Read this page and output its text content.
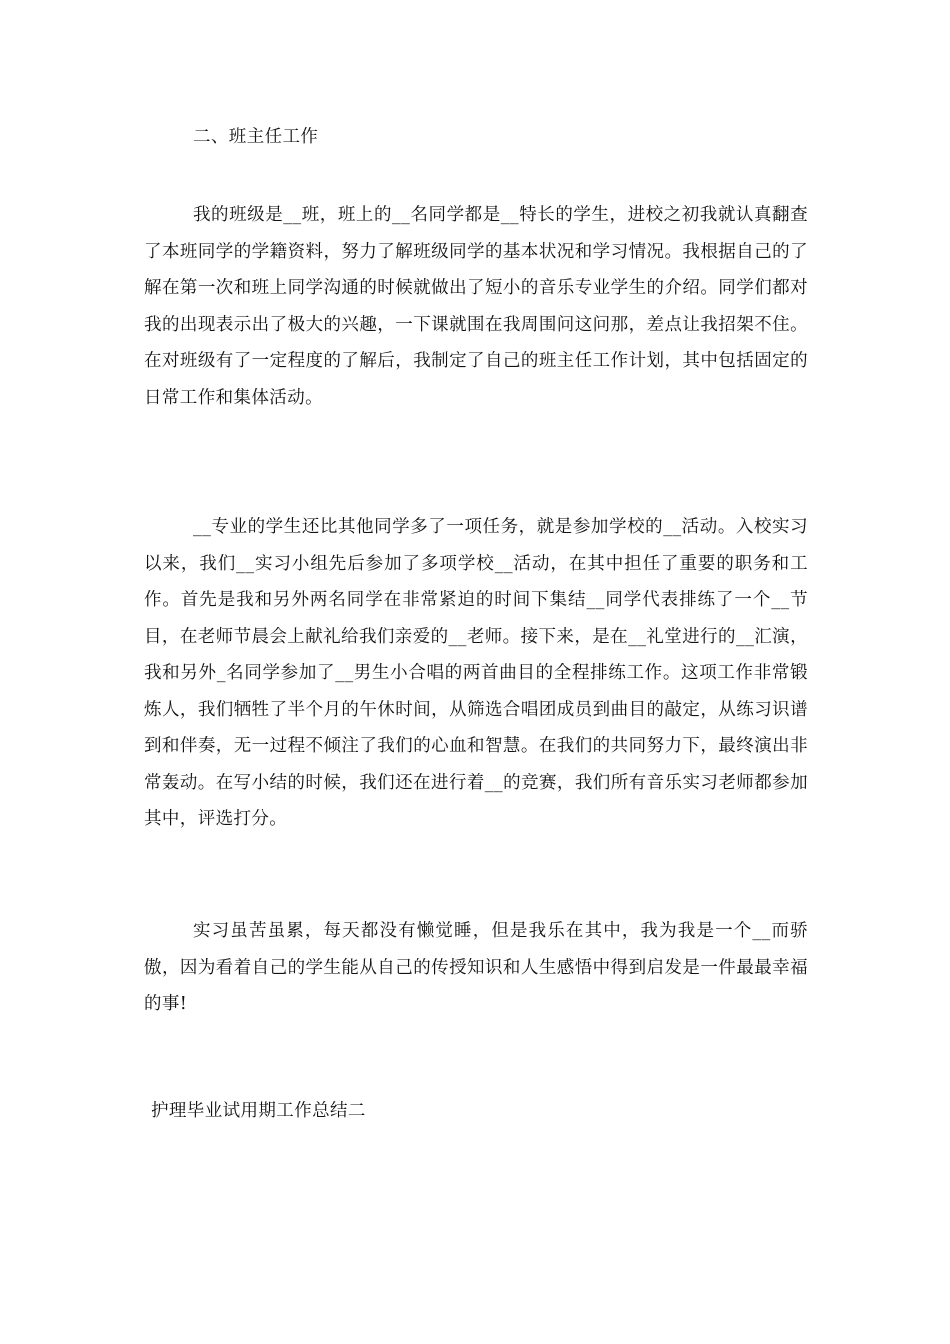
二、班主任工作

我的班级是__班，班上的__名同学都是__特长的学生，进校之初我就认真翻查了本班同学的学籍资料，努力了解班级同学的基本状况和学习情况。我根据自己的了解在第一次和班上同学沟通的时候就做出了短小的音乐专业学生的介绍。同学们都对我的出现表示出了极大的兴趣，一下课就围在我周围问这问那，差点让我招架不住。在对班级有了一定程度的了解后，我制定了自己的班主任工作计划，其中包括固定的日常工作和集体活动。

__专业的学生还比其他同学多了一项任务，就是参加学校的__活动。入校实习以来，我们__实习小组先后参加了多项学校__活动，在其中担任了重要的职务和工作。首先是我和另外两名同学在非常紧迫的时间下集结__同学代表排练了一个__节目，在老师节晨会上献礼给我们亲爱的__老师。接下来，是在__礼堂进行的__汇演，我和另外_名同学参加了__男生小合唱的两首曲目的全程排练工作。这项工作非常锻炼人，我们牺牲了半个月的午休时间，从筛选合唱团成员到曲目的敲定，从练习识谱到和伴奏，无一过程不倾注了我们的心血和智慧。在我们的共同努力下，最终演出非常轰动。在写小结的时候，我们还在进行着__的竞赛，我们所有音乐实习老师都参加其中，评选打分。

实习虽苦虽累，每天都没有懒觉睡，但是我乐在其中，我为我是一个__而骄傲，因为看着自己的学生能从自己的传授知识和人生感悟中得到启发是一件最最幸福的事!

护理毕业试用期工作总结二
